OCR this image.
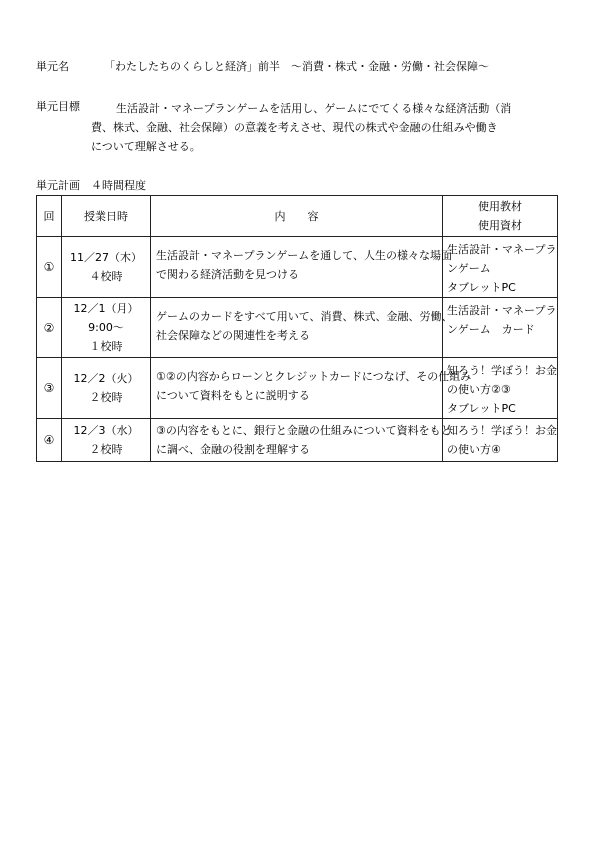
単元名	「わたしたちのくらしと経済」前半　～消費・株式・金融・労働・社会保障～
単元目標	生活設計・マネープランゲームを活用し、ゲームにでてくる様々な経済活動（消
費、株式、金融、社会保障）の意義を考えさせ、現代の株式や金融の仕組みや働き
について理解させる。
単元計画　４時間程度
回	授業日時	内　　容	使用教材
使用資材

①	11／27（木）
４校時	生活設計・マネープランゲームを通して、人生の様々な場面
で関わる経済活動を見つける	生活設計・マネープラ
ンゲーム
タブレットPC

②	12／1（月）
9:00～
１校時	ゲームのカードをすべて用いて、消費、株式、金融、労働、
社会保障などの関連性を考える	生活設計・マネープラ
ンゲーム　カード

③	12／2（火）
２校時	①②の内容からローンとクレジットカードにつなげ、その仕組み
について資料をもとに説明する	知ろう！学ぼう！お金
の使い方②③
タブレットPC

④	12／3（水）
２校時	③の内容をもとに、銀行と金融の仕組みについて資料をもと
に調べ、金融の役割を理解する	知ろう！学ぼう！お金
の使い方④
